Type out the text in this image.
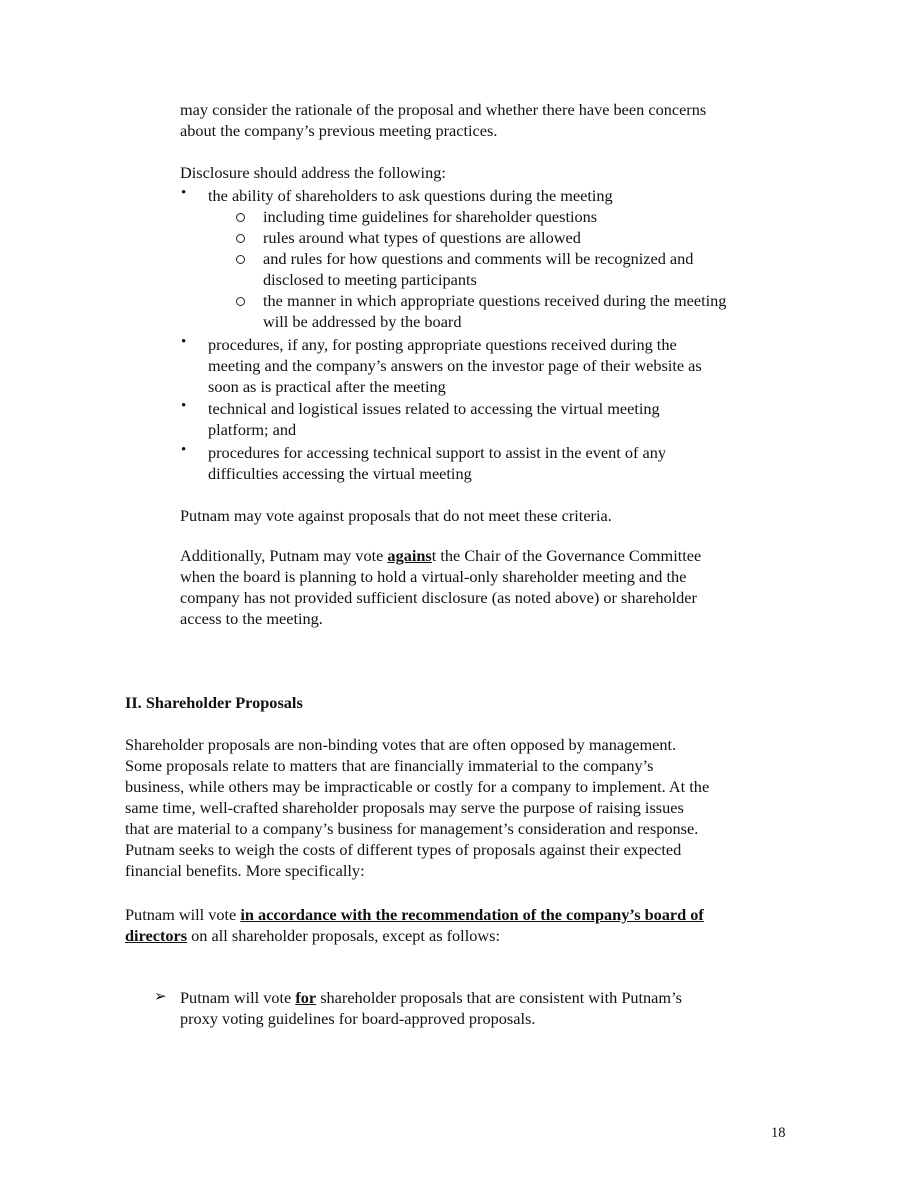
may consider the rationale of the proposal and whether there have been concerns
about the company’s previous meeting practices.

Disclosure should address the following:

• the ability of shareholders to ask questions during the meeting

including time guidelines for shareholder questions

rules around what types of questions are allowed

and rules for how questions and comments will be recognized and
disclosed to meeting participants

the manner in which appropriate questions received during the meeting
will be addressed by the board

• procedures, if any, for posting appropriate questions received during the
meeting and the company’s answers on the investor page of their website as
soon as is practical after the meeting

• technical and logistical issues related to accessing the virtual meeting
platform; and

• procedures for accessing technical support to assist in the event of any
difficulties accessing the virtual meeting

Putnam may vote against proposals that do not meet these criteria.

Additionally, Putnam may vote against the Chair of the Governance Committee
when the board is planning to hold a virtual-only shareholder meeting and the
company has not provided sufficient disclosure (as noted above) or shareholder
access to the meeting.

II. Shareholder Proposals

Shareholder proposals are non-binding votes that are often opposed by management.
Some proposals relate to matters that are financially immaterial to the company’s
business, while others may be impracticable or costly for a company to implement. At the
same time, well-crafted shareholder proposals may serve the purpose of raising issues
that are material to a company’s business for management’s consideration and response.
Putnam seeks to weigh the costs of different types of proposals against their expected
financial benefits. More specifically:

Putnam will vote in accordance with the recommendation of the company’s board of
directors on all shareholder proposals, except as follows:

➢ Putnam will vote for shareholder proposals that are consistent with Putnam’s
proxy voting guidelines for board-approved proposals.

18
